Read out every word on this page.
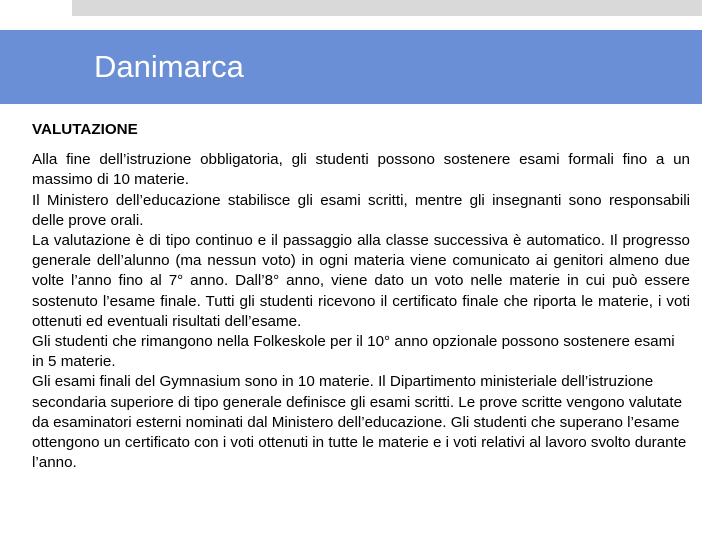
Danimarca
VALUTAZIONE

Alla fine dell’istruzione obbligatoria, gli studenti possono sostenere esami formali fino a un massimo di 10 materie.

Il Ministero dell’educazione stabilisce gli esami scritti, mentre gli insegnanti sono responsabili delle prove orali.

La valutazione è di tipo continuo e il passaggio alla classe successiva è automatico. Il progresso generale dell’alunno (ma nessun voto) in ogni materia viene comunicato ai genitori almeno due volte l’anno fino al 7° anno. Dall’8° anno, viene dato un voto nelle materie in cui può essere sostenuto l’esame finale. Tutti gli studenti ricevono il certificato finale che riporta le materie, i voti ottenuti ed eventuali risultati dell’esame.

Gli studenti che rimangono nella Folkeskole per il 10° anno opzionale possono sostenere esami in 5 materie.

Gli esami finali del Gymnasium sono in 10 materie. Il Dipartimento ministeriale dell’istruzione secondaria superiore di tipo generale definisce gli esami scritti. Le prove scritte vengono valutate da esaminatori esterni nominati dal Ministero dell’educazione. Gli studenti che superano l’esame ottengono un certificato con i voti ottenuti in tutte le materie e i voti relativi al lavoro svolto durante l’anno.
